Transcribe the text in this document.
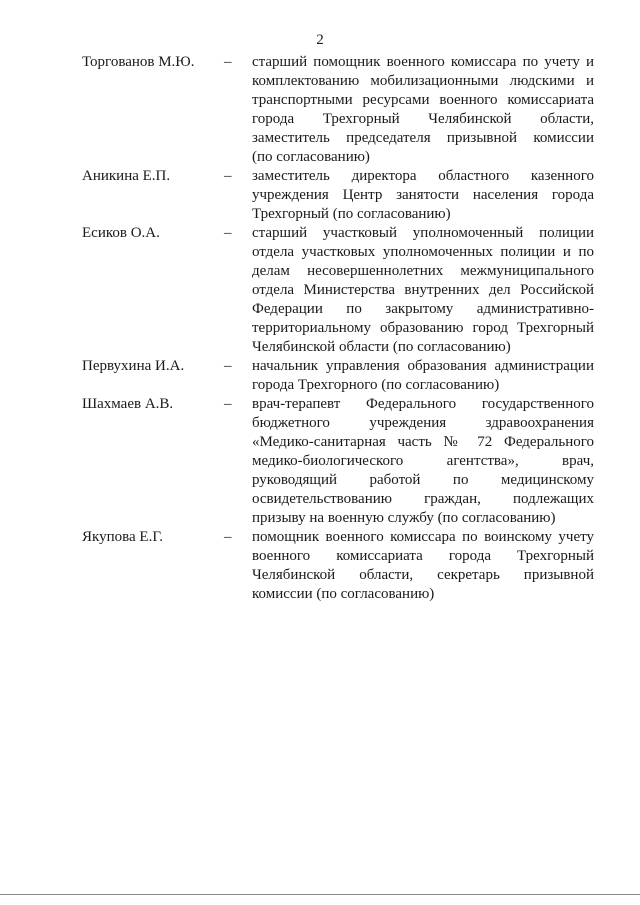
2
Торгованов М.Ю. – старший помощник военного комиссара по учету и
комплектованию мобилизационными людскими и
транспортными ресурсами военного комиссариата
города Трехгорный Челябинской области,
заместитель председателя призывной комиссии
(по согласованию)
Аникина Е.П.	– заместитель директора областного казенного
учреждения Центр занятости населения города
Трехгорный (по согласованию)
Есиков О.А.	– старший участковый уполномоченный полиции
отдела участковых уполномоченных полиции и по
делам несовершеннолетних межмуниципального
отдела Министерства внутренних дел Российской
Федерации по закрытому административно-
территориальному образованию город Трехгорный
Челябинской области (по согласованию)
Первухина И.А.	– начальник управления образования администрации
города Трехгорного (по согласованию)
Шахмаев А.В.	– врач-терапевт Федерального государственного
бюджетного учреждения здравоохранения
«Медико-санитарная часть № 72 Федерального
медико-биологического агентства», врач,
руководящий работой по медицинскому
освидетельствованию граждан, подлежащих
призыву на военную службу (по согласованию)
Якупова Е.Г.	– помощник военного комиссара по воинскому учету
военного комиссариата города Трехгорный
Челябинской области, секретарь призывной
комиссии (по согласованию)
